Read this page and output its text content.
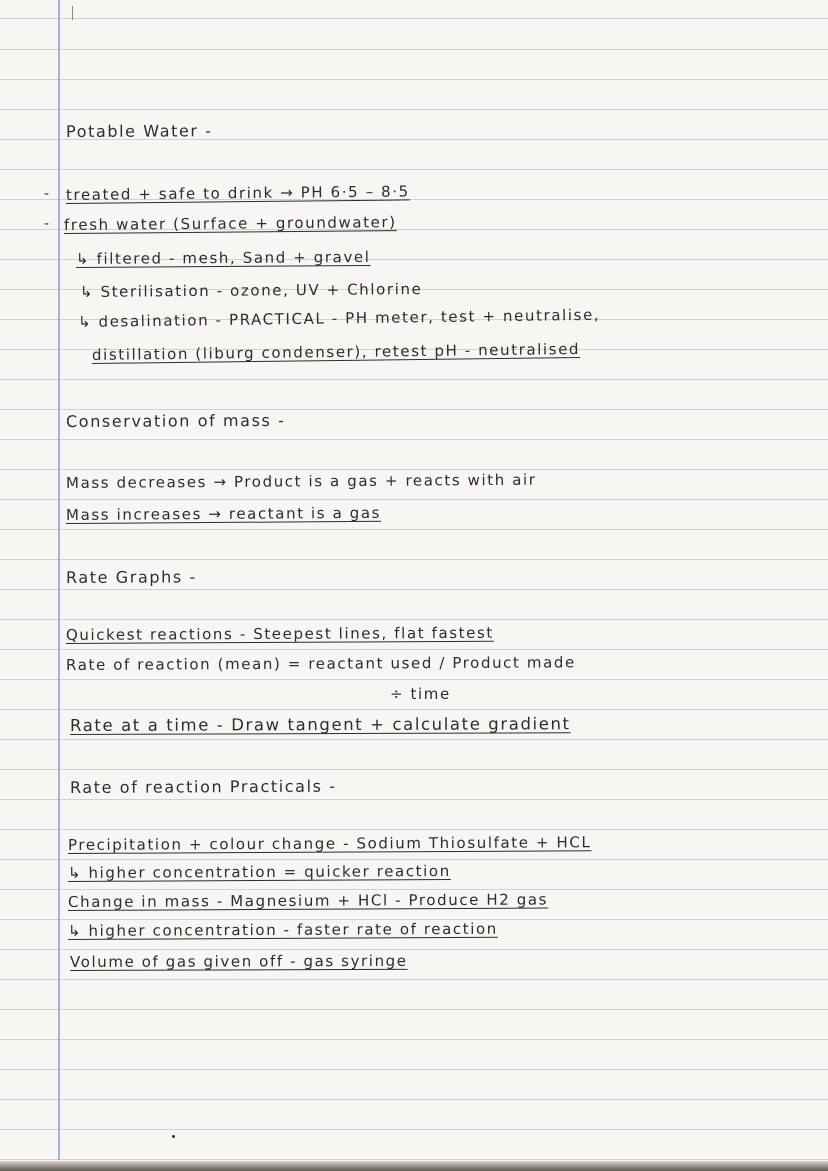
Potable Water -
- treated + safe to drink → PH 6·5 – 8·5
- fresh water (Surface + groundwater)
↳ filtered - mesh, Sand + gravel
↳ Sterilisation - ozone, UV + Chlorine
↳ desalination - PRACTICAL - PH meter, test + neutralise,
distillation (liburg condenser), retest pH - neutralised
Conservation of mass -
Mass decreases → Product is a gas + reacts with air
Mass increases → reactant is a gas
Rate Graphs -
Quickest reactions - Steepest lines, flat fastest
Rate of reaction (mean) = reactant used / Product made
÷ time
Rate at a time - Draw tangent + calculate gradient
Rate of reaction Practicals -
Precipitation + colour change - Sodium Thiosulfate + HCL
↳ higher concentration = quicker reaction
Change in mass - Magnesium + HCl - Produce H2 gas
↳ higher concentration - faster rate of reaction
Volume of gas given off - gas syringe
